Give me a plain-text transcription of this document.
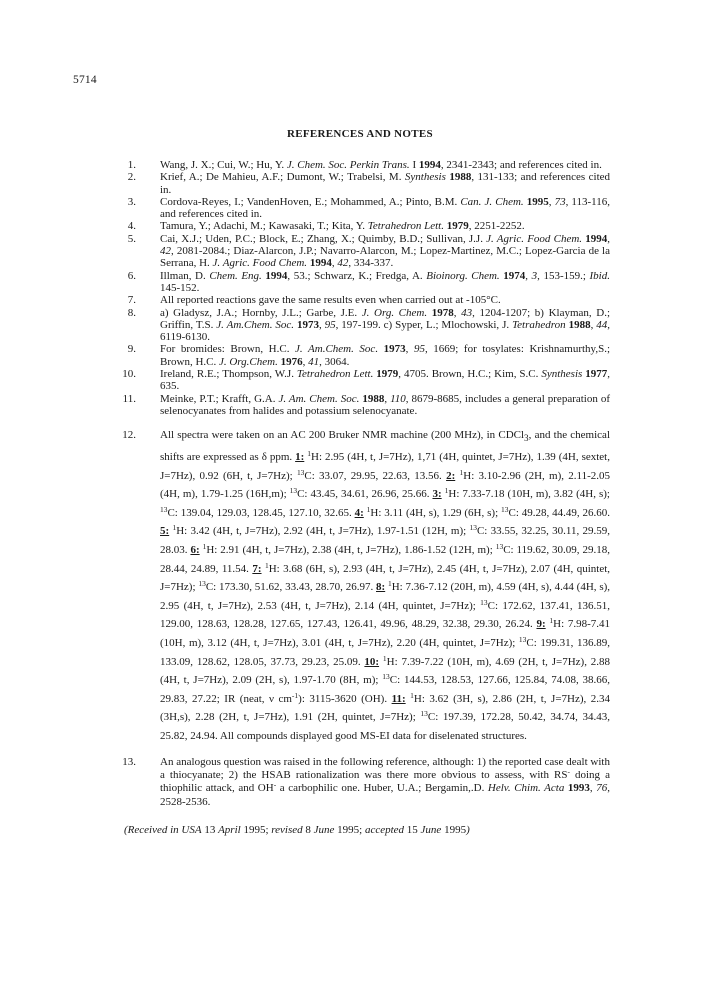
5714
REFERENCES AND NOTES
1. Wang, J. X.; Cui, W.; Hu, Y. J. Chem. Soc. Perkin Trans. I 1994, 2341-2343; and references cited in.
2. Krief, A.; De Mahieu, A.F.; Dumont, W.; Trabelsi, M. Synthesis 1988, 131-133; and references cited in.
3. Cordova-Reyes, I.; VandenHoven, E.; Mohammed, A.; Pinto, B.M. Can. J. Chem. 1995, 73, 113-116, and references cited in.
4. Tamura, Y.; Adachi, M.; Kawasaki, T.; Kita, Y. Tetrahedron Lett. 1979, 2251-2252.
5. Cai, X.J.; Uden, P.C.; Block, E.; Zhang, X.; Quimby, B.D.; Sullivan, J.J. J. Agric. Food Chem. 1994, 42, 2081-2084.; Diaz-Alarcon, J.P.; Navarro-Alarcon, M.; Lopez-Martinez, M.C.; Lopez-Garcia de la Serrana, H. J. Agric. Food Chem. 1994, 42, 334-337.
6. Illman, D. Chem. Eng. 1994, 53.; Schwarz, K.; Fredga, A. Bioinorg. Chem. 1974, 3, 153-159.; Ibid. 145-152.
7. All reported reactions gave the same results even when carried out at -105°C.
8. a) Gladysz, J.A.; Hornby, J.L.; Garbe, J.E. J. Org. Chem. 1978, 43, 1204-1207; b) Klayman, D.; Griffin, T.S. J. Am.Chem. Soc. 1973, 95, 197-199. c) Syper, L.; Mlochowski, J. Tetrahedron 1988, 44, 6119-6130.
9. For bromides: Brown, H.C. J. Am.Chem. Soc. 1973, 95, 1669; for tosylates: Krishnamurthy,S.; Brown, H.C. J. Org.Chem. 1976, 41, 3064.
10. Ireland, R.E.; Thompson, W.J. Tetrahedron Lett. 1979, 4705. Brown, H.C.; Kim, S.C. Synthesis 1977, 635.
11. Meinke, P.T.; Krafft, G.A. J. Am. Chem. Soc. 1988, 110, 8679-8685, includes a general preparation of selenocyanates from halides and potassium selenocyanate.
12. All spectra were taken on an AC 200 Bruker NMR machine (200 MHz), in CDCl$_3$, and the chemical shifts are expressed as δ ppm. 1: $^1$H: 2.95 (4H, t, J=7Hz), 1,71 (4H, quintet, J=7Hz), 1.39 (4H, sextet, J=7Hz), 0.92 (6H, t, J=7Hz); $^{13}$C: 33.07, 29.95, 22.63, 13.56. 2: $^1$H: 3.10-2.96 (2H, m), 2.11-2.05 (4H, m), 1.79-1.25 (16H,m); $^{13}$C: 43.45, 34.61, 26.96, 25.66. 3: $^1$H: 7.33-7.18 (10H, m), 3.82 (4H, s); $^{13}$C: 139.04, 129.03, 128.45, 127.10, 32.65. 4: $^1$H: 3.11 (4H, s), 1.29 (6H, s); $^{13}$C: 49.28, 44.49, 26.60. 5: $^1$H: 3.42 (4H, t, J=7Hz), 2.92 (4H, t, J=7Hz), 1.97-1.51 (12H, m); $^{13}$C: 33.55, 32.25, 30.11, 29.59, 28.03. 6: $^1$H: 2.91 (4H, t, J=7Hz), 2.38 (4H, t, J=7Hz), 1.86-1.52 (12H, m); $^{13}$C: 119.62, 30.09, 29.18, 28.44, 24.89, 11.54. 7: $^1$H: 3.68 (6H, s), 2.93 (4H, t, J=7Hz), 2.45 (4H, t, J=7Hz), 2.07 (4H, quintet, J=7Hz); $^{13}$C: 173.30, 51.62, 33.43, 28.70, 26.97. 8: $^1$H: 7.36-7.12 (20H, m), 4.59 (4H, s), 4.44 (4H, s), 2.95 (4H, t, J=7Hz), 2.53 (4H, t, J=7Hz), 2.14 (4H, quintet, J=7Hz); $^{13}$C: 172.62, 137.41, 136.51, 129.00, 128.63, 128.28, 127.65, 127.43, 126.41, 49.96, 48.29, 32.38, 29.30, 26.24. 9: $^1$H: 7.98-7.41 (10H, m), 3.12 (4H, t, J=7Hz), 3.01 (4H, t, J=7Hz), 2.20 (4H, quintet, J=7Hz); $^{13}$C: 199.31, 136.89, 133.09, 128.62, 128.05, 37.73, 29.23, 25.09. 10: $^1$H: 7.39-7.22 (10H, m), 4.69 (2H, t, J=7Hz), 2.88 (4H, t, J=7Hz), 2.09 (2H, s), 1.97-1.70 (8H, m); $^{13}$C: 144.53, 128.53, 127.66, 125.84, 74.08, 38.66, 29.83, 27.22; IR (neat, ν $cm^{-1}$): 3115-3620 (OH). 11: $^1$H: 3.62 (3H, s), 2.86 (2H, t, J=7Hz), 2.34 (3H,s), 2.28 (2H, t, J=7Hz), 1.91 (2H, quintet, J=7Hz); $^{13}$C: 197.39, 172.28, 50.42, 34.74, 34.43, 25.82, 24.94. All compounds displayed good MS-EI data for diselenated structures.
13. An analogous question was raised in the following reference, although: 1) the reported case dealt with a thiocyanate; 2) the HSAB rationalization was there more obvious to assess, with RS- doing a thiophilic attack, and OH- a carbophilic one. Huber, U.A.; Bergamin,.D. Helv. Chim. Acta 1993, 76, 2528-2536.
(Received in USA 13 April 1995; revised 8 June 1995; accepted 15 June 1995)
